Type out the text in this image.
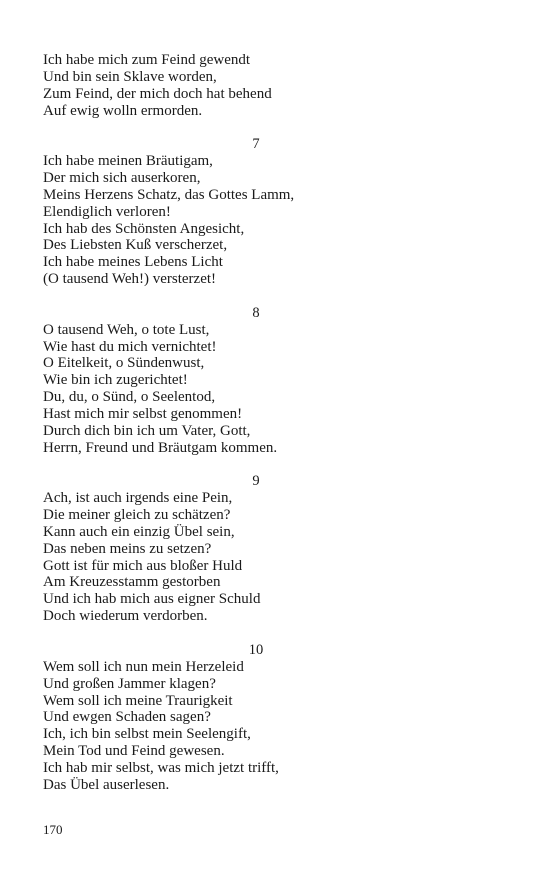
Ich habe mich zum Feind gewendt
Und bin sein Sklave worden,
Zum Feind, der mich doch hat behend
Auf ewig wolln ermorden.
7
Ich habe meinen Bräutigam,
Der mich sich auserkoren,
Meins Herzens Schatz, das Gottes Lamm,
Elendiglich verloren!
Ich hab des Schönsten Angesicht,
Des Liebsten Kuß verscherzet,
Ich habe meines Lebens Licht
(O tausend Weh!) versterzet!
8
O tausend Weh, o tote Lust,
Wie hast du mich vernichtet!
O Eitelkeit, o Sündenwust,
Wie bin ich zugerichtet!
Du, du, o Sünd, o Seelentod,
Hast mich mir selbst genommen!
Durch dich bin ich um Vater, Gott,
Herrn, Freund und Bräutgam kommen.
9
Ach, ist auch irgends eine Pein,
Die meiner gleich zu schätzen?
Kann auch ein einzig Übel sein,
Das neben meins zu setzen?
Gott ist für mich aus bloßer Huld
Am Kreuzesstamm gestorben
Und ich hab mich aus eigner Schuld
Doch wiederum verdorben.
10
Wem soll ich nun mein Herzeleid
Und großen Jammer klagen?
Wem soll ich meine Traurigkeit
Und ewgen Schaden sagen?
Ich, ich bin selbst mein Seelengift,
Mein Tod und Feind gewesen.
Ich hab mir selbst, was mich jetzt trifft,
Das Übel auserlesen.
170
